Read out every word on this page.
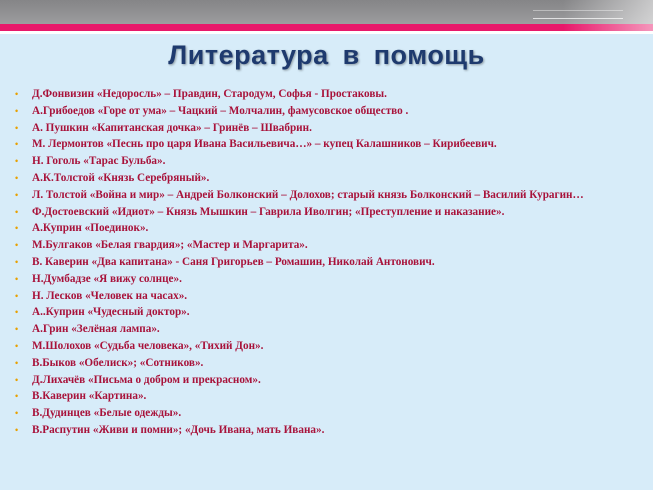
Литература в помощь
• Д.Фонвизин «Недоросль» – Правдин, Стародум, Софья - Простаковы.
• А.Грибоедов «Горе от ума» – Чацкий – Молчалин, фамусовское общество .
• А. Пушкин «Капитанская дочка» – Гринёв – Швабрин.
• М. Лермонтов «Песнь про царя Ивана Васильевича…» – купец Калашников – Кирибеевич.
• Н. Гоголь «Тарас Бульба».
• А.К.Толстой «Князь Серебряный».
• Л. Толстой «Война и мир» – Андрей Болконский – Долохов; старый князь Болконский – Василий Курагин…
• Ф.Достоевский «Идиот» – Князь Мышкин – Гаврила Иволгин; «Преступление и наказание».
• А.Куприн «Поединок».
• М.Булгаков «Белая гвардия»; «Мастер и Маргарита».
• В. Каверин «Два капитана» - Саня Григорьев – Ромашин, Николай Антонович.
• Н.Думбадзе «Я вижу солнце».
• Н. Лесков «Человек на часах».
• А..Куприн «Чудесный доктор».
• А.Грин «Зелёная лампа».
• М.Шолохов «Судьба человека», «Тихий Дон».
• В.Быков «Обелиск»; «Сотников».
• Д.Лихачёв «Письма о добром и прекрасном».
• В.Каверин «Картина».
• В.Дудинцев «Белые одежды».
• В.Распутин «Живи и помни»; «Дочь Ивана, мать Ивана».
